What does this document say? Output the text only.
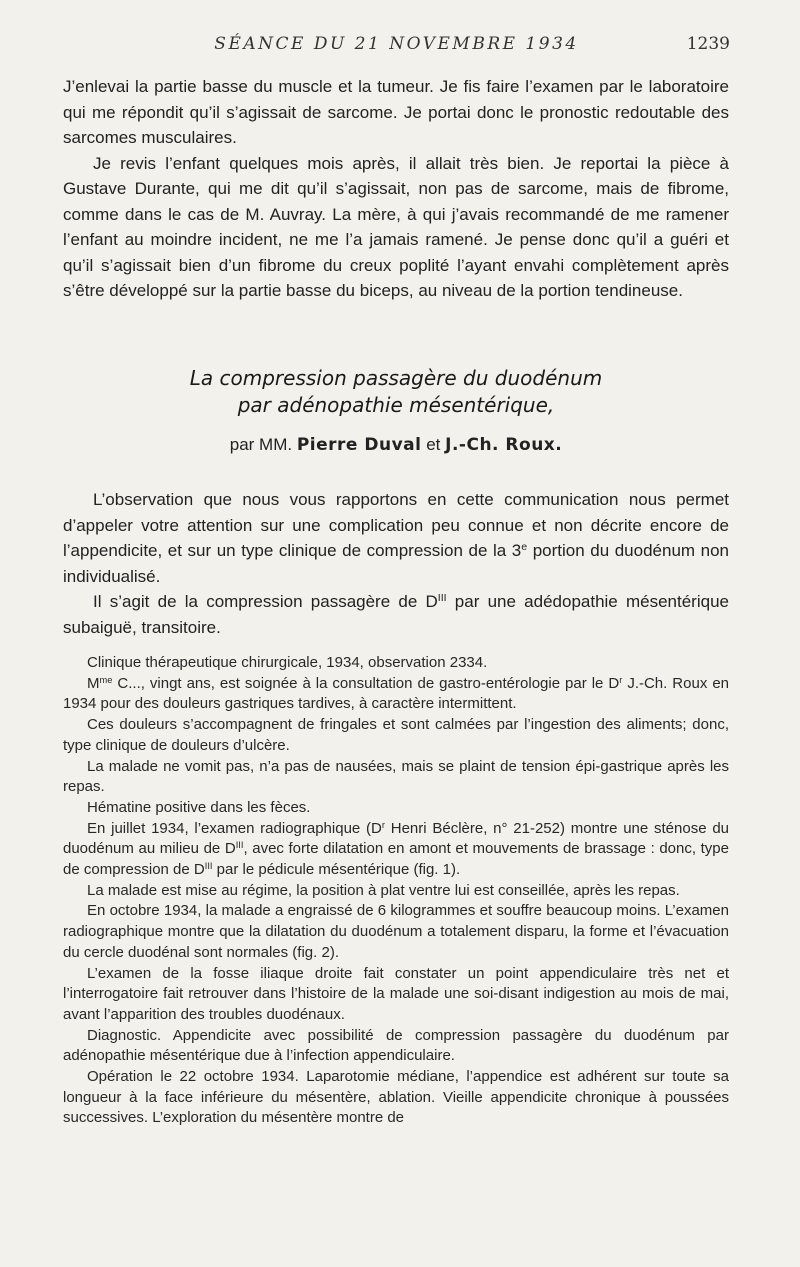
SÉANCE DU 21 NOVEMBRE 1934	1239

J’enlevai la partie basse du muscle et la tumeur. Je fis faire l’examen par le laboratoire qui me répondit qu’il s’agissait de sarcome. Je portai donc le pronostic redoutable des sarcomes musculaires.

Je revis l’enfant quelques mois après, il allait très bien. Je reportai la pièce à Gustave Durante, qui me dit qu’il s’agissait, non pas de sarcome, mais de fibrome, comme dans le cas de M. Auvray. La mère, à qui j’avais recommandé de me ramener l’enfant au moindre incident, ne me l’a jamais ramené. Je pense donc qu’il a guéri et qu’il s’agissait bien d’un fibrome du creux poplité l’ayant envahi complètement après s’être développé sur la partie basse du biceps, au niveau de la portion tendineuse.

La compression passagère du duodénum
par adénopathie mésentérique,
par MM. Pierre Duval et J.-Ch. Roux.

L’observation que nous vous rapportons en cette communication nous permet d’appeler votre attention sur une complication peu connue et non décrite encore de l’appendicite, et sur un type clinique de compression de la 3e portion du duodénum non individualisé.

Il s’agit de la compression passagère de $D^{III}$ par une adédopathie mésentérique subaiguë, transitoire.

Clinique thérapeutique chirurgicale, 1934, observation 2334.

$M^{me}$ C..., vingt ans, est soignée à la consultation de gastro-entérologie par le $D^r$ J.-Ch. Roux en 1934 pour des douleurs gastriques tardives, à caractère intermittent.

Ces douleurs s’accompagnent de fringales et sont calmées par l’ingestion des aliments; donc, type clinique de douleurs d’ulcère.

La malade ne vomit pas, n’a pas de nausées, mais se plaint de tension épi-gastrique après les repas.

Hématine positive dans les fèces.

En juillet 1934, l’examen radiographique ($D^r$ Henri Béclère, n° 21-252) montre une sténose du duodénum au milieu de $D^{III}$, avec forte dilatation en amont et mouvements de brassage : donc, type de compression de $D^{III}$ par le pédicule mésentérique (fig. 1).

La malade est mise au régime, la position à plat ventre lui est conseillée, après les repas.

En octobre 1934, la malade a engraissé de 6 kilogrammes et souffre beaucoup moins. L’examen radiographique montre que la dilatation du duodénum a totalement disparu, la forme et l’évacuation du cercle duodénal sont normales (fig. 2).

L’examen de la fosse iliaque droite fait constater un point appendiculaire très net et l’interrogatoire fait retrouver dans l’histoire de la malade une soi-disant indigestion au mois de mai, avant l’apparition des troubles duodénaux.

Diagnostic. Appendicite avec possibilité de compression passagère du duodénum par adénopathie mésentérique due à l’infection appendiculaire.

Opération le 22 octobre 1934. Laparotomie médiane, l’appendice est adhérent sur toute sa longueur à la face inférieure du mésentère, ablation. Vieille appendicite chronique à poussées successives. L’exploration du mésentère montre de
